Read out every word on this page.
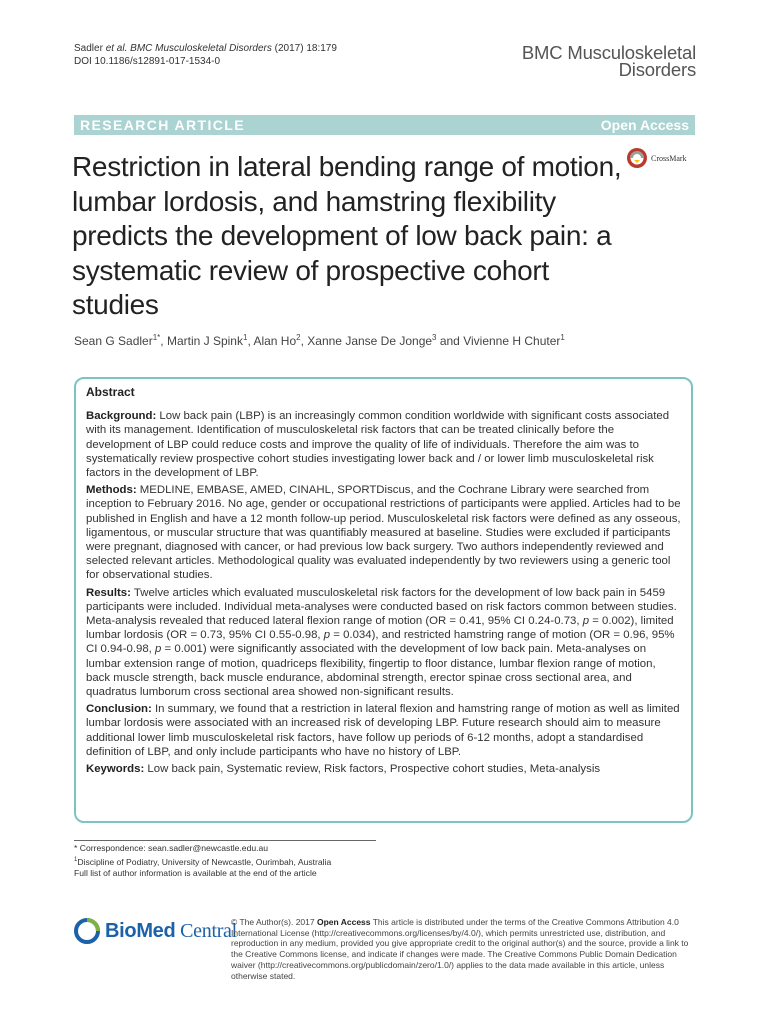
Sadler et al. BMC Musculoskeletal Disorders (2017) 18:179
DOI 10.1186/s12891-017-1534-0	BMC Musculoskeletal
Disorders
RESEARCH ARTICLE	Open Access
Restriction in lateral bending range of motion, lumbar lordosis, and hamstring flexibility predicts the development of low back pain: a systematic review of prospective cohort studies
CrossMark
Sean G Sadler$^{1*}$, Martin J Spink$^1$, Alan Ho$^2$, Xanne Janse De Jonge$^3$ and Vivienne H Chuter$^1$
Abstract

Background: Low back pain (LBP) is an increasingly common condition worldwide with significant costs associated with its management. Identification of musculoskeletal risk factors that can be treated clinically before the development of LBP could reduce costs and improve the quality of life of individuals. Therefore the aim was to systematically review prospective cohort studies investigating lower back and / or lower limb musculoskeletal risk factors in the development of LBP.

Methods: MEDLINE, EMBASE, AMED, CINAHL, SPORTDiscus, and the Cochrane Library were searched from inception to February 2016. No age, gender or occupational restrictions of participants were applied. Articles had to be published in English and have a 12 month follow-up period. Musculoskeletal risk factors were defined as any osseous, ligamentous, or muscular structure that was quantifiably measured at baseline. Studies were excluded if participants were pregnant, diagnosed with cancer, or had previous low back surgery. Two authors independently reviewed and selected relevant articles. Methodological quality was evaluated independently by two reviewers using a generic tool for observational studies.

Results: Twelve articles which evaluated musculoskeletal risk factors for the development of low back pain in 5459 participants were included. Individual meta-analyses were conducted based on risk factors common between studies. Meta-analysis revealed that reduced lateral flexion range of motion (OR = 0.41, 95% CI 0.24-0.73, p = 0.002), limited lumbar lordosis (OR = 0.73, 95% CI 0.55-0.98, p = 0.034), and restricted hamstring range of motion (OR = 0.96, 95% CI 0.94-0.98, p = 0.001) were significantly associated with the development of low back pain. Meta-analyses on lumbar extension range of motion, quadriceps flexibility, fingertip to floor distance, lumbar flexion range of motion, back muscle strength, back muscle endurance, abdominal strength, erector spinae cross sectional area, and quadratus lumborum cross sectional area showed non-significant results.

Conclusion: In summary, we found that a restriction in lateral flexion and hamstring range of motion as well as limited lumbar lordosis were associated with an increased risk of developing LBP. Future research should aim to measure additional lower limb musculoskeletal risk factors, have follow up periods of 6-12 months, adopt a standardised definition of LBP, and only include participants who have no history of LBP.

Keywords: Low back pain, Systematic review, Risk factors, Prospective cohort studies, Meta-analysis

* Correspondence: sean.sadler@newcastle.edu.au
$^1$Discipline of Podiatry, University of Newcastle, Ourimbah, Australia
Full list of author information is available at the end of the article
BioMed Central
© The Author(s). 2017 Open Access This article is distributed under the terms of the Creative Commons Attribution 4.0 International License (http://creativecommons.org/licenses/by/4.0/), which permits unrestricted use, distribution, and reproduction in any medium, provided you give appropriate credit to the original author(s) and the source, provide a link to the Creative Commons license, and indicate if changes were made. The Creative Commons Public Domain Dedication waiver (http://creativecommons.org/publicdomain/zero/1.0/) applies to the data made available in this article, unless otherwise stated.
